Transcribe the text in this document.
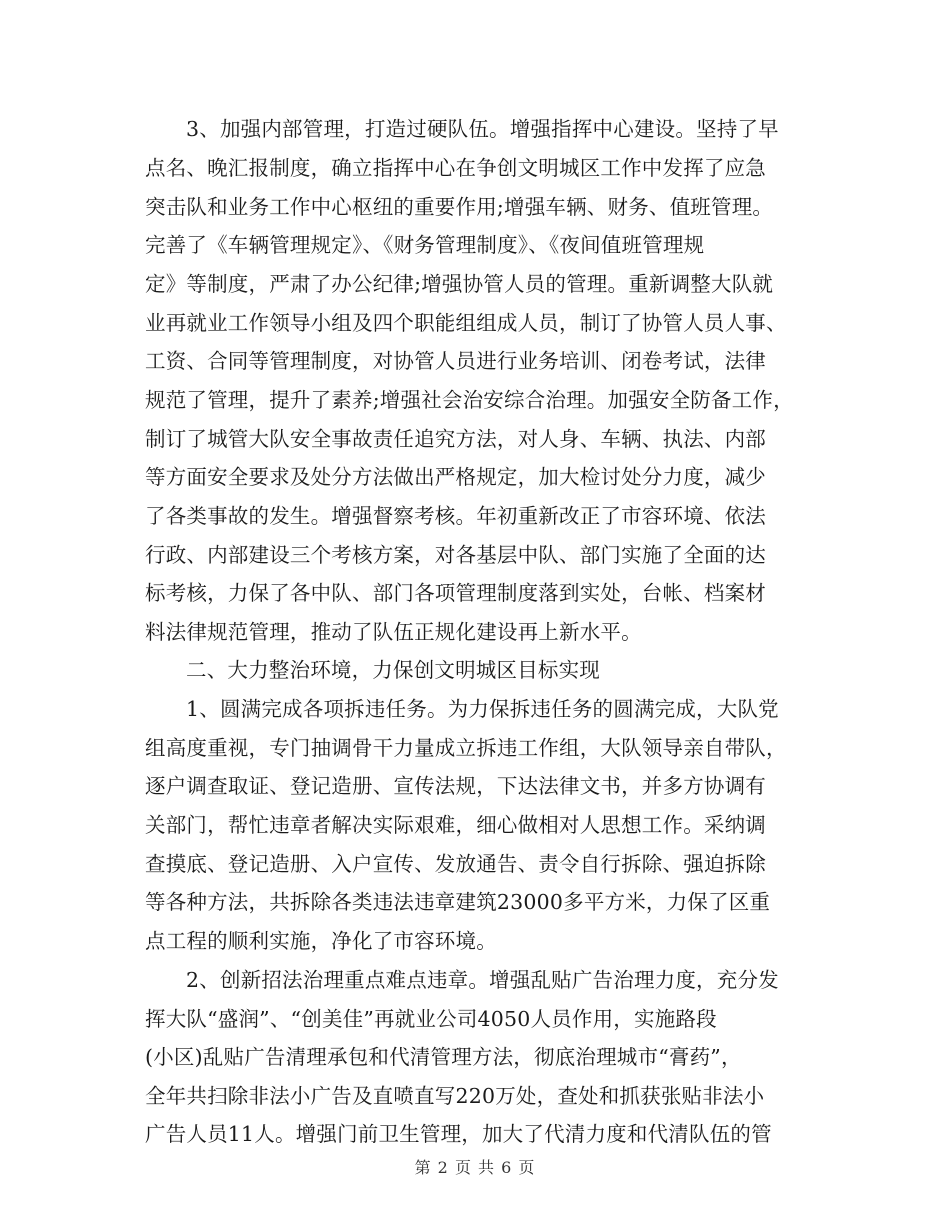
3、加强内部管理，打造过硬队伍。增强指挥中心建设。坚持了早
点名、晚汇报制度，确立指挥中心在争创文明城区工作中发挥了应急
突击队和业务工作中心枢纽的重要作用;增强车辆、财务、值班管理。
完善了《车辆管理规定》、《财务管理制度》、《夜间值班管理规
定》等制度，严肃了办公纪律;增强协管人员的管理。重新调整大队就
业再就业工作领导小组及四个职能组组成人员，制订了协管人员人事、
工资、合同等管理制度，对协管人员进行业务培训、闭卷考试，法律
规范了管理，提升了素养;增强社会治安综合治理。加强安全防备工作，
制订了城管大队安全事故责任追究方法，对人身、车辆、执法、内部
等方面安全要求及处分方法做出严格规定，加大检讨处分力度，减少
了各类事故的发生。增强督察考核。年初重新改正了市容环境、依法
行政、内部建设三个考核方案，对各基层中队、部门实施了全面的达
标考核，力保了各中队、部门各项管理制度落到实处，台帐、档案材
料法律规范管理，推动了队伍正规化建设再上新水平。
二、大力整治环境，力保创文明城区目标实现
1、圆满完成各项拆违任务。为力保拆违任务的圆满完成，大队党
组高度重视，专门抽调骨干力量成立拆违工作组，大队领导亲自带队，
逐户调查取证、登记造册、宣传法规，下达法律文书，并多方协调有
关部门，帮忙违章者解决实际艰难，细心做相对人思想工作。采纳调
查摸底、登记造册、入户宣传、发放通告、责令自行拆除、强迫拆除
等各种方法，共拆除各类违法违章建筑23000多平方米，力保了区重
点工程的顺利实施，净化了市容环境。
2、创新招法治理重点难点违章。增强乱贴广告治理力度，充分发
挥大队“盛润”、“创美佳”再就业公司4050人员作用，实施路段
(小区)乱贴广告清理承包和代清管理方法，彻底治理城市“膏药”，
全年共扫除非法小广告及直喷直写220万处，查处和抓获张贴非法小
广告人员11人。增强门前卫生管理，加大了代清力度和代清队伍的管
第 2 页 共 6 页
